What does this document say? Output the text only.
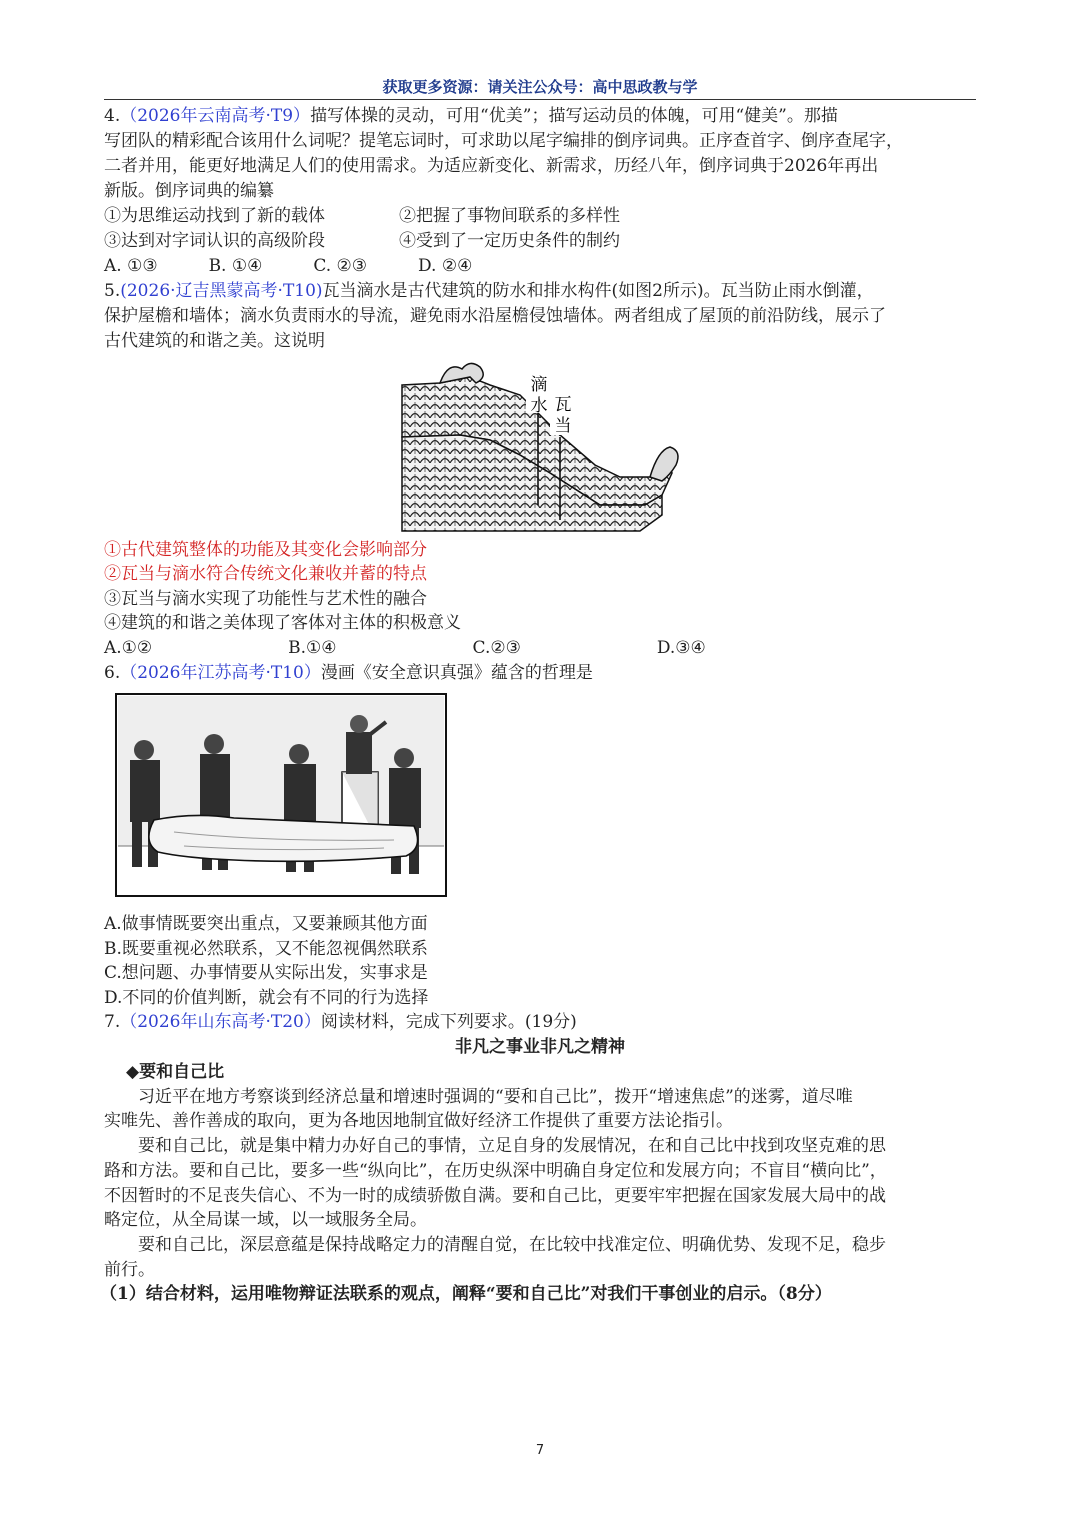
获取更多资源：请关注公众号：高中思政教与学
4.（2026年云南高考·T9）描写体操的灵动，可用“优美”；描写运动员的体魄，可用“健美”。那描
写团队的精彩配合该用什么词呢？提笔忘词时，可求助以尾字编排的倒序词典。正序查首字、倒序查尾字，
二者并用，能更好地满足人们的使用需求。为适应新变化、新需求，历经八年，倒序词典于2026年再出
新版。倒序词典的编纂
①为思维运动找到了新的载体	②把握了事物间联系的多样性
③达到对字词认识的高级阶段	④受到了一定历史条件的制约
A. ①③　　　B. ①④　　　C. ②③　　　D. ②④
5.(2026·辽吉黑蒙高考·T10)瓦当滴水是古代建筑的防水和排水构件(如图2所示)。瓦当防止雨水倒灌，
保护屋檐和墙体；滴水负责雨水的导流，避免雨水沿屋檐侵蚀墙体。两者组成了屋顶的前沿防线，展示了
古代建筑的和谐之美。这说明
滴
水 瓦
当
①古代建筑整体的功能及其变化会影响部分
②瓦当与滴水符合传统文化兼收并蓄的特点
③瓦当与滴水实现了功能性与艺术性的融合
④建筑的和谐之美体现了客体对主体的积极意义
A.①②　　　　　　　　B.①④　　　　　　　　C.②③　　　　　　　　D.③④
6.（2026年江苏高考·T10）漫画《安全意识真强》蕴含的哲理是
A.做事情既要突出重点，又要兼顾其他方面
B.既要重视必然联系，又不能忽视偶然联系
C.想问题、办事情要从实际出发，实事求是
D.不同的价值判断，就会有不同的行为选择
7.（2026年山东高考·T20）阅读材料，完成下列要求。(19分)
非凡之事业非凡之精神
◆要和自己比
　　习近平在地方考察谈到经济总量和增速时强调的“要和自己比”，拨开“增速焦虑”的迷雾，道尽唯
实唯先、善作善成的取向，更为各地因地制宜做好经济工作提供了重要方法论指引。
　　要和自己比，就是集中精力办好自己的事情，立足自身的发展情况，在和自己比中找到攻坚克难的思
路和方法。要和自己比，要多一些“纵向比”，在历史纵深中明确自身定位和发展方向；不盲目“横向比”，
不因暂时的不足丧失信心、不为一时的成绩骄傲自满。要和自己比，更要牢牢把握在国家发展大局中的战
略定位，从全局谋一域，以一域服务全局。
　　要和自己比，深层意蕴是保持战略定力的清醒自觉，在比较中找准定位、明确优势、发现不足，稳步
前行。
（1）结合材料，运用唯物辩证法联系的观点，阐释“要和自己比”对我们干事创业的启示。（8分）
7
